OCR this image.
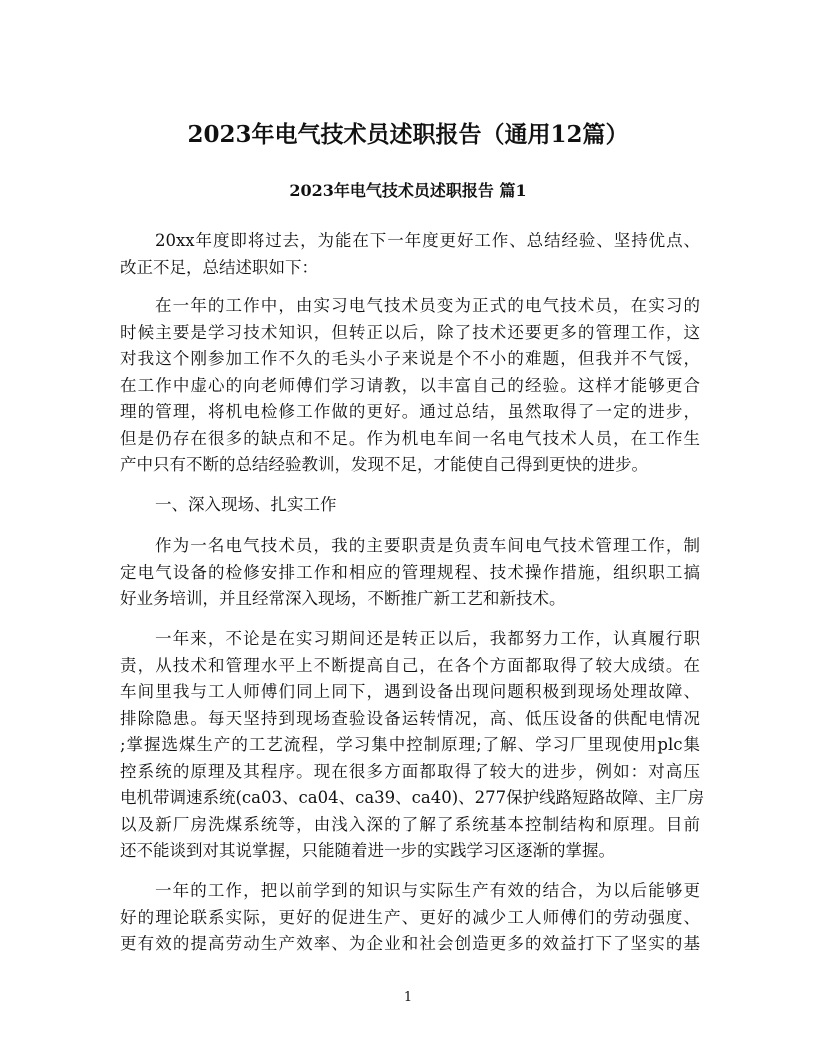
2023年电气技术员述职报告（通用12篇）
2023年电气技术员述职报告 篇1
20xx年度即将过去，为能在下一年度更好工作、总结经验、坚持优点、
改正不足，总结述职如下：
在一年的工作中，由实习电气技术员变为正式的电气技术员，在实习的
时候主要是学习技术知识，但转正以后，除了技术还要更多的管理工作，这
对我这个刚参加工作不久的毛头小子来说是个不小的难题，但我并不气馁，
在工作中虚心的向老师傅们学习请教，以丰富自己的经验。这样才能够更合
理的管理，将机电检修工作做的更好。通过总结，虽然取得了一定的进步，
但是仍存在很多的缺点和不足。作为机电车间一名电气技术人员，在工作生
产中只有不断的总结经验教训，发现不足，才能使自己得到更快的进步。
一、深入现场、扎实工作
作为一名电气技术员，我的主要职责是负责车间电气技术管理工作，制
定电气设备的检修安排工作和相应的管理规程、技术操作措施，组织职工搞
好业务培训，并且经常深入现场，不断推广新工艺和新技术。
一年来，不论是在实习期间还是转正以后，我都努力工作，认真履行职
责，从技术和管理水平上不断提高自己，在各个方面都取得了较大成绩。在
车间里我与工人师傅们同上同下，遇到设备出现问题积极到现场处理故障、
排除隐患。每天坚持到现场查验设备运转情况，高、低压设备的供配电情况
;掌握选煤生产的工艺流程，学习集中控制原理;了解、学习厂里现使用plc集
控系统的原理及其程序。现在很多方面都取得了较大的进步，例如：对高压
电机带调速系统(ca03、ca04、ca39、ca40)、277保护线路短路故障、主厂房
以及新厂房洗煤系统等，由浅入深的了解了系统基本控制结构和原理。目前
还不能谈到对其说掌握，只能随着进一步的实践学习区逐渐的掌握。
一年的工作，把以前学到的知识与实际生产有效的结合，为以后能够更
好的理论联系实际，更好的促进生产、更好的减少工人师傅们的劳动强度、
更有效的提高劳动生产效率、为企业和社会创造更多的效益打下了坚实的基
1
